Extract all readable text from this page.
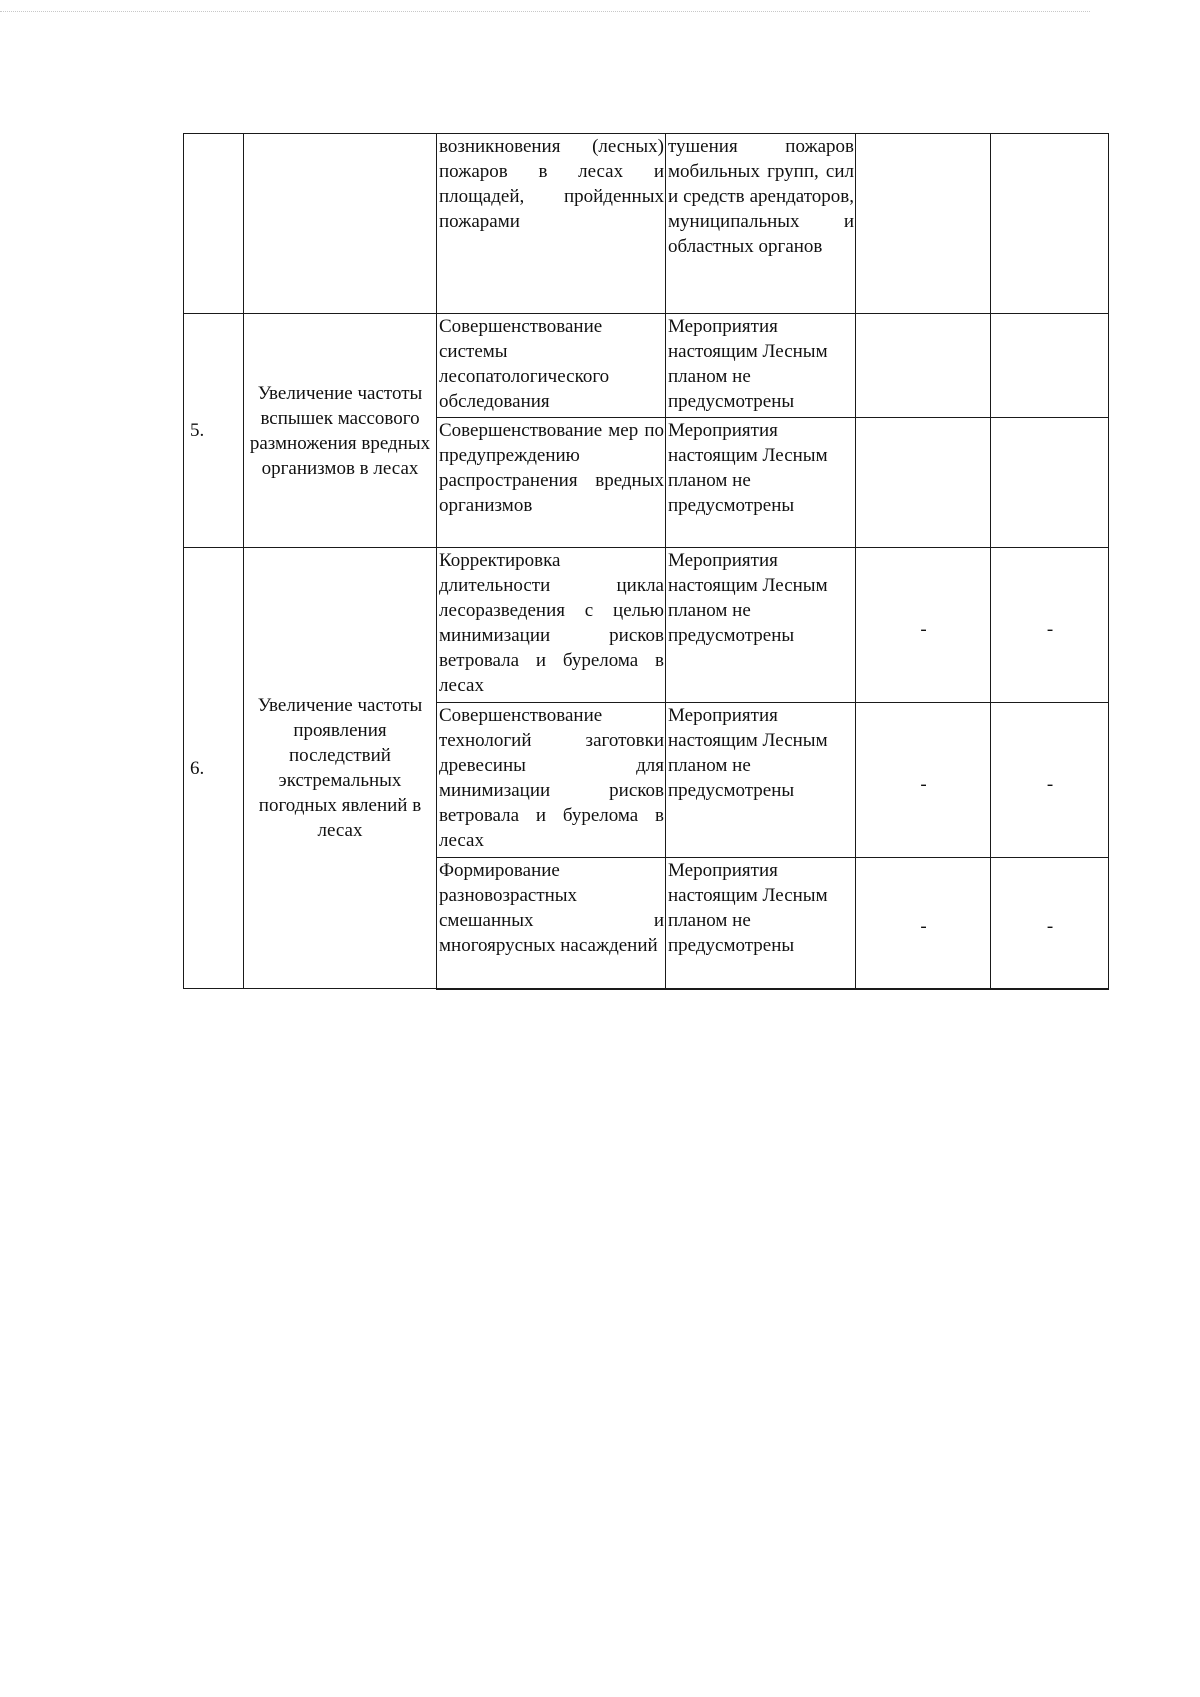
		возникновения (лесных) пожаров в лесах и площадей, пройденных пожарами	тушения пожаров мобильных групп, сил и средств арендаторов, муниципальных и областных органов		
5.	Увеличение частоты вспышек массового размножения вредных организмов в лесах	Совершенствование системы лесопатологического обследования	Мероприятия настоящим Лесным планом не предусмотрены		
		Совершенствование мер по предупреждению распространения вредных организмов	Мероприятия настоящим Лесным планом не предусмотрены		
6.	Увеличение частоты проявления последствий экстремальных погодных явлений в лесах	Корректировка длительности цикла лесоразведения с целью минимизации рисков ветровала и бурелома в лесах	Мероприятия настоящим Лесным планом не предусмотрены	-	-
		Совершенствование технологий заготовки древесины для минимизации рисков ветровала и бурелома в лесах	Мероприятия настоящим Лесным планом не предусмотрены	-	-
		Формирование разновозрастных смешанных и многоярусных насаждений	Мероприятия настоящим Лесным планом не предусмотрены	-	-
